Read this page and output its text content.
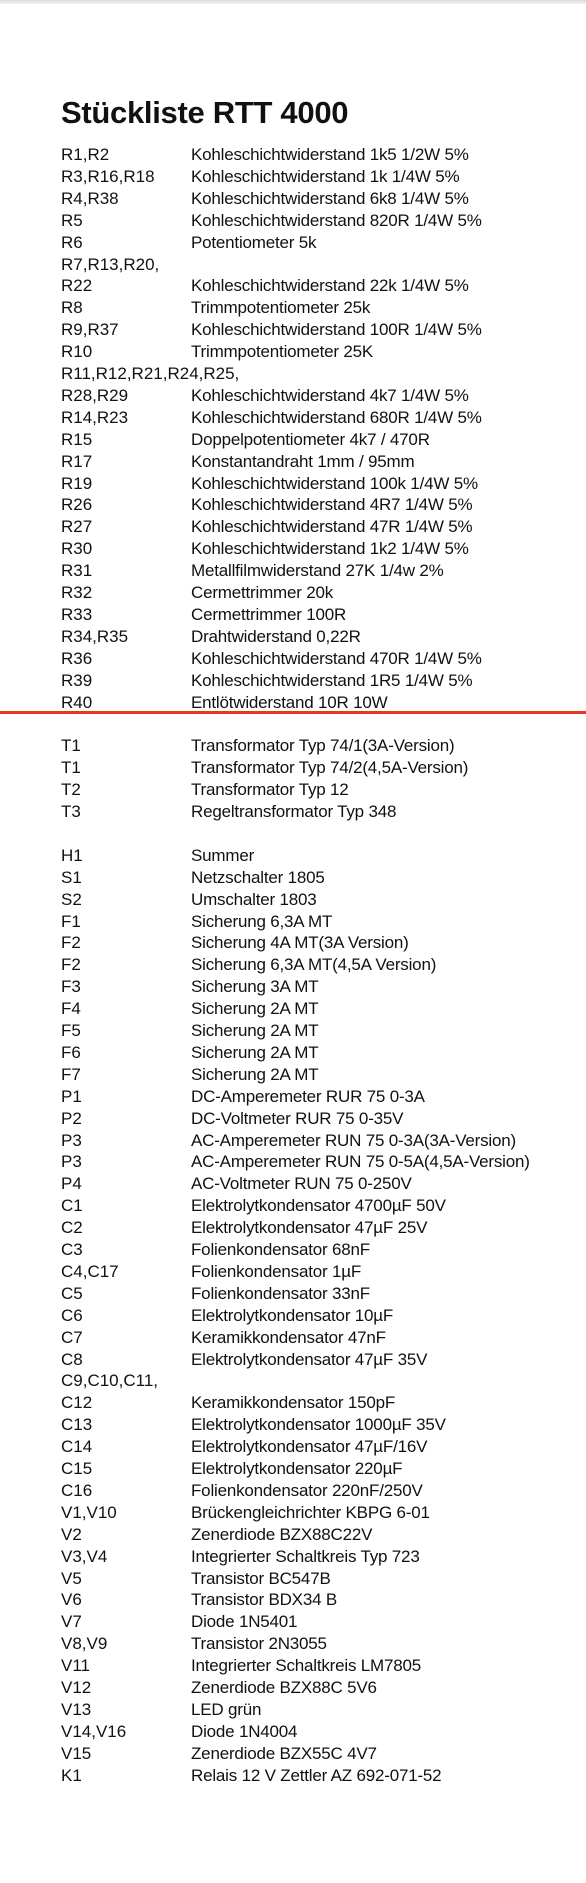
Stückliste RTT 4000
R1,R2	Kohleschichtwiderstand 1k5 1/2W 5%
R3,R16,R18 Kohleschichtwiderstand 1k 1/4W 5%
R4,R38	Kohleschichtwiderstand 6k8 1/4W 5%
R5	Kohleschichtwiderstand 820R 1/4W 5%
R6	Potentiometer 5k
R7,R13,R20,
R22	Kohleschichtwiderstand 22k 1/4W 5%
R8	Trimmpotentiometer 25k
R9,R37	Kohleschichtwiderstand 100R 1/4W 5%
R10	Trimmpotentiometer 25K
R11,R12,R21,R24,R25,
R28,R29	Kohleschichtwiderstand 4k7 1/4W 5%
R14,R23	Kohleschichtwiderstand 680R 1/4W 5%
R15	Doppelpotentiometer 4k7 / 470R
R17	Konstantandraht 1mm / 95mm
R19	Kohleschichtwiderstand 100k 1/4W 5%
R26	Kohleschichtwiderstand 4R7 1/4W 5%
R27	Kohleschichtwiderstand 47R 1/4W 5%
R30	Kohleschichtwiderstand 1k2 1/4W 5%
R31	Metallfilmwiderstand 27K 1/4w 2%
R32	Cermettrimmer 20k
R33	Cermettrimmer 100R
R34,R35	Drahtwiderstand 0,22R
R36	Kohleschichtwiderstand 470R 1/4W 5%
R39	Kohleschichtwiderstand 1R5 1/4W 5%
R40	Entlötwiderstand 10R 10W
T1	Transformator Typ 74/1(3A-Version)
T1	Transformator Typ 74/2(4,5A-Version)
T2	Transformator Typ 12
T3	Regeltransformator Typ 348
H1	Summer
S1	Netzschalter 1805
S2	Umschalter 1803
F1	Sicherung 6,3A MT
F2	Sicherung 4A MT(3A Version)
F2	Sicherung 6,3A MT(4,5A Version)
F3	Sicherung 3A MT
F4	Sicherung 2A MT
F5	Sicherung 2A MT
F6	Sicherung 2A MT
F7	Sicherung 2A MT
P1	DC-Amperemeter RUR 75 0-3A
P2	DC-Voltmeter RUR 75 0-35V
P3	AC-Amperemeter RUN 75 0-3A(3A-Version)
P3	AC-Amperemeter RUN 75 0-5A(4,5A-Version)
P4	AC-Voltmeter RUN 75 0-250V
C1	Elektrolytkondensator 4700µF 50V
C2	Elektrolytkondensator 47µF 25V
C3	Folienkondensator 68nF
C4,C17	Folienkondensator 1µF
C5	Folienkondensator 33nF
C6	Elektrolytkondensator 10µF
C7	Keramikkondensator 47nF
C8	Elektrolytkondensator 47µF 35V
C9,C10,C11,
C12	Keramikkondensator 150pF
C13	Elektrolytkondensator 1000µF 35V
C14	Elektrolytkondensator 47µF/16V
C15	Elektrolytkondensator 220µF
C16	Folienkondensator 220nF/250V
V1,V10	Brückengleichrichter KBPG 6-01
V2	Zenerdiode BZX88C22V
V3,V4	Integrierter Schaltkreis Typ 723
V5	Transistor BC547B
V6	Transistor BDX34 B
V7	Diode 1N5401
V8,V9	Transistor 2N3055
V11	Integrierter Schaltkreis LM7805
V12	Zenerdiode BZX88C 5V6
V13	LED grün
V14,V16	Diode 1N4004
V15	Zenerdiode BZX55C 4V7
K1	Relais 12 V Zettler AZ 692-071-52
